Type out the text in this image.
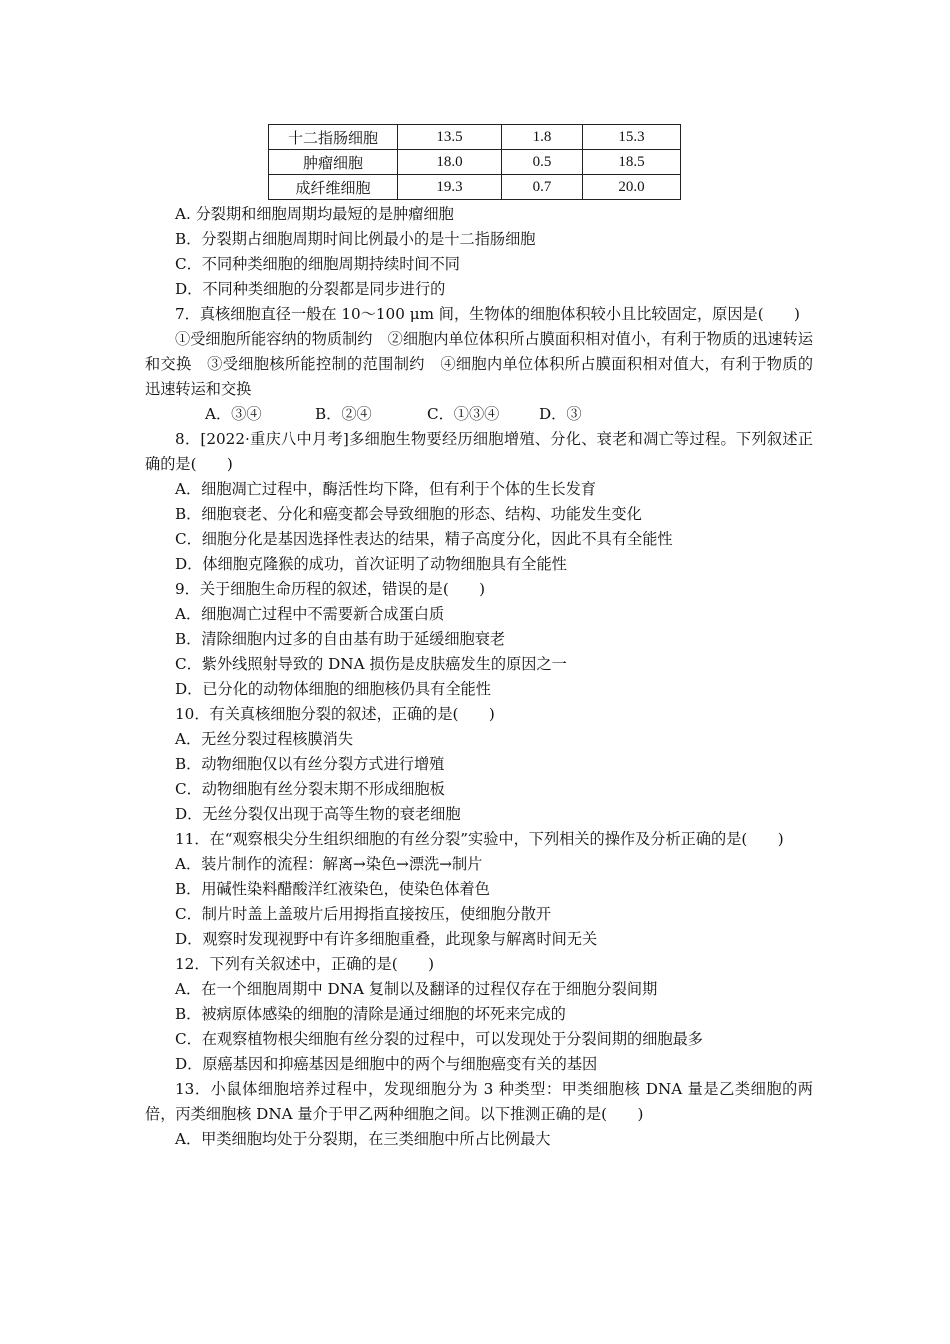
十二指肠细胞	13.5	1.8	15.3
肿瘤细胞	18.0	0.5	18.5
成纤维细胞	19.3	0.7	20.0

A. 分裂期和细胞周期均最短的是肿瘤细胞

B．分裂期占细胞周期时间比例最小的是十二指肠细胞

C．不同种类细胞的细胞周期持续时间不同

D．不同种类细胞的分裂都是同步进行的

7．真核细胞直径一般在 10～100 μm 间，生物体的细胞体积较小且比较固定，原因是(　　)

①受细胞所能容纳的物质制约　②细胞内单位体积所占膜面积相对值小，有利于物质的迅速转运和交换　③受细胞核所能控制的范围制约　④细胞内单位体积所占膜面积相对值大，有利于物质的迅速转运和交换

A．③④	B．②④	C．①③④	D．③

8．[2022·重庆八中月考]多细胞生物要经历细胞增殖、分化、衰老和凋亡等过程。下列叙述正确的是(　　)

A．细胞凋亡过程中，酶活性均下降，但有利于个体的生长发育

B．细胞衰老、分化和癌变都会导致细胞的形态、结构、功能发生变化

C．细胞分化是基因选择性表达的结果，精子高度分化，因此不具有全能性

D．体细胞克隆猴的成功，首次证明了动物细胞具有全能性

9．关于细胞生命历程的叙述，错误的是(　　)

A．细胞凋亡过程中不需要新合成蛋白质

B．清除细胞内过多的自由基有助于延缓细胞衰老

C．紫外线照射导致的 DNA 损伤是皮肤癌发生的原因之一

D．已分化的动物体细胞的细胞核仍具有全能性

10．有关真核细胞分裂的叙述，正确的是(　　)

A．无丝分裂过程核膜消失

B．动物细胞仅以有丝分裂方式进行增殖

C．动物细胞有丝分裂末期不形成细胞板

D．无丝分裂仅出现于高等生物的衰老细胞

11．在“观察根尖分生组织细胞的有丝分裂”实验中，下列相关的操作及分析正确的是(　　)

A．装片制作的流程：解离→染色→漂洗→制片

B．用碱性染料醋酸洋红液染色，使染色体着色

C．制片时盖上盖玻片后用拇指直接按压，使细胞分散开

D．观察时发现视野中有许多细胞重叠，此现象与解离时间无关

12．下列有关叙述中，正确的是(　　)

A．在一个细胞周期中 DNA 复制以及翻译的过程仅存在于细胞分裂间期

B．被病原体感染的细胞的清除是通过细胞的坏死来完成的

C．在观察植物根尖细胞有丝分裂的过程中，可以发现处于分裂间期的细胞最多

D．原癌基因和抑癌基因是细胞中的两个与细胞癌变有关的基因

13．小鼠体细胞培养过程中，发现细胞分为 3 种类型：甲类细胞核 DNA 量是乙类细胞的两倍，丙类细胞核 DNA 量介于甲乙两种细胞之间。以下推测正确的是(　　)

A．甲类细胞均处于分裂期，在三类细胞中所占比例最大
